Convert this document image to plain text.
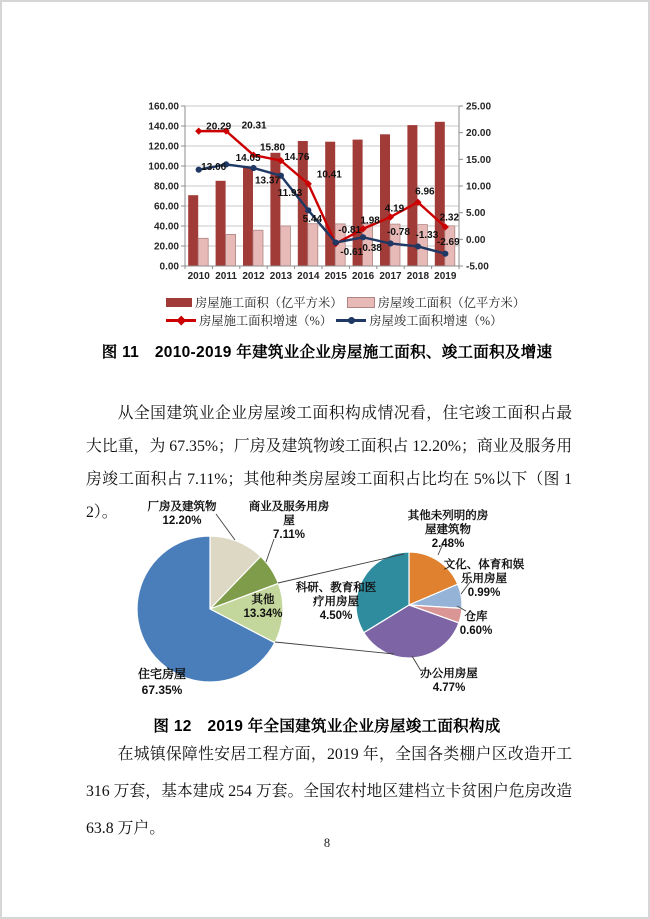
0.00
20.00
40.00
60.00
80.00
100.00
120.00
140.00
160.00
-5.00
0.00
5.00
10.00
15.00
20.00
25.00
2010 2011 2012 2013 2014 2015 2016 2017 2018 2019
20.29 20.31
15.80
14.76
10.41
-0.81
1.98
4.19
6.96
2.32
13.06
14.05
13.37
11.93
5.44
-0.61 0.38
-0.78 -1.33
-2.69
房屋施工面积（亿平方米）	房屋竣工面积（亿平方米）
房屋施工面积增速（%）	房屋竣工面积增速（%）
图 11　2010-2019 年建筑业企业房屋施工面积、竣工面积及增速
从全国建筑业企业房屋竣工面积构成情况看，住宅竣工面积占最大比重，为 67.35%；厂房及建筑物竣工面积占 12.20%；商业及服务用房竣工面积占 7.11%；其他种类房屋竣工面积占比均在 5%以下（图 12）。	厂房及建筑物
12.20%
商业及服务用房屋
7.11%
其他
13.34%
住宅房屋
67.35%
其他未列明的房屋建筑物
2.48%
文化、体育和娱乐用房屋
0.99%
仓库
0.60%
办公用房屋
4.77%
科研、教育和医疗用房屋
4.50%
图 12　2019 年全国建筑业企业房屋竣工面积构成
在城镇保障性安居工程方面，2019 年，全国各类棚户区改造开工 316 万套，基本建成 254 万套。全国农村地区建档立卡贫困户危房改造 63.8 万户。
8
